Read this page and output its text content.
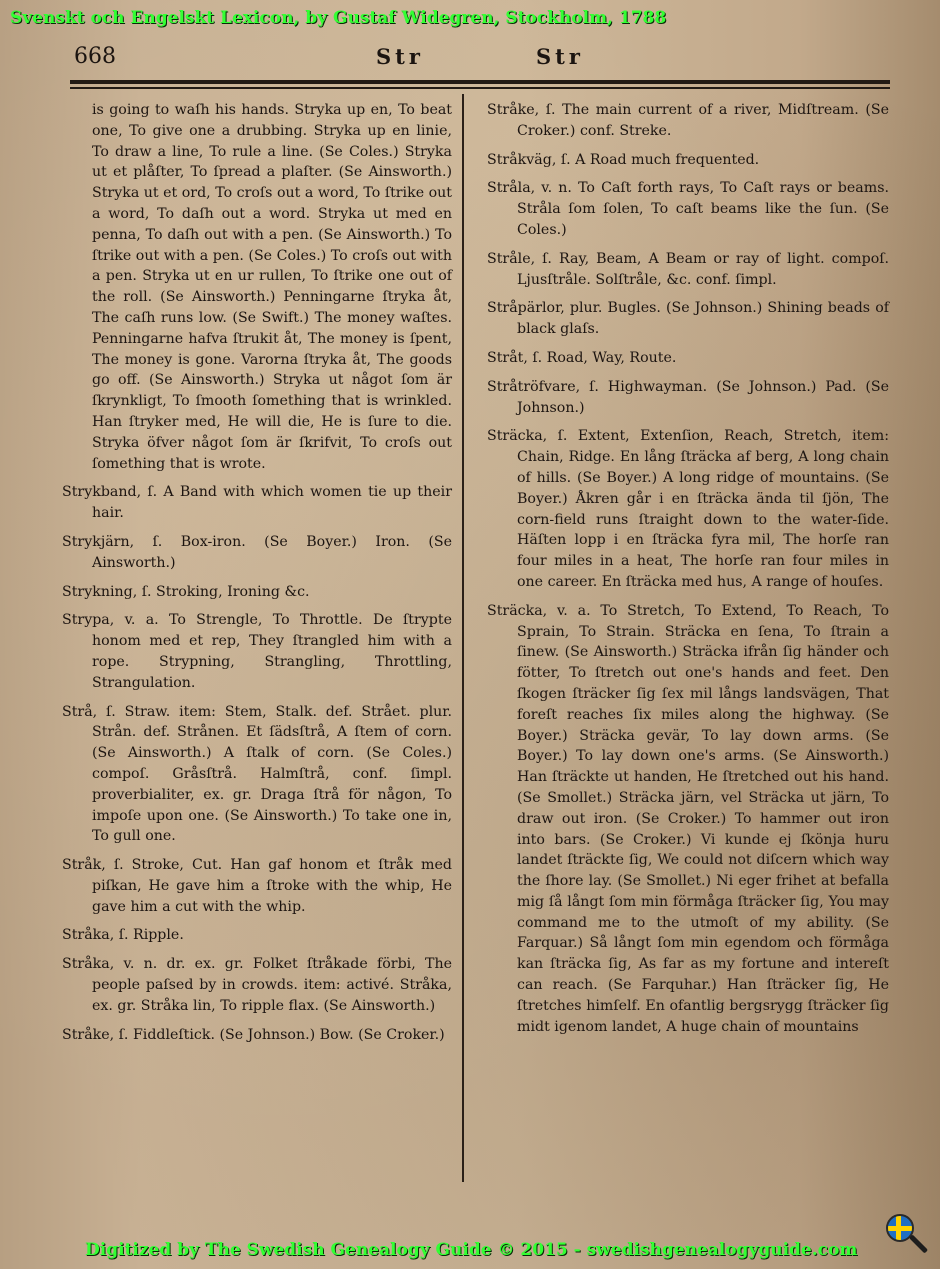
Svenskt och Engelskt Lexicon, by Gustaf Widegren, Stockholm, 1788
668	Str	Str

is going to waſh his hands. Stryka up en, To beat one, To give one a drubbing. Stryka up en linie, To draw a line, To rule a line. (Se Coles.) Stryka ut et plåſter, To ſpread a plaſter. (Se Ainsworth.) Stryka ut et ord, To croſs out a word, To ſtrike out a word, To daſh out a word. Stryka ut med en penna, To daſh out with a pen. (Se Ainsworth.) To ſtrike out with a pen. (Se Coles.) To croſs out with a pen. Stryka ut en ur rullen, To ſtrike one out of the roll. (Se Ainsworth.) Penningarne ſtryka åt, The caſh runs low. (Se Swift.) The money waſtes. Penningarne hafva ſtrukit åt, The money is ſpent, The money is gone. Varorna ſtryka åt, The goods go off. (Se Ainsworth.) Stryka ut något ſom är ſkrynkligt, To ſmooth ſomething that is wrinkled. Han ſtryker med, He will die, He is ſure to die. Stryka öfver något ſom är ſkrifvit, To croſs out ſomething that is wrote.

Strykband, ſ. A Band with which women tie up their hair.

Strykjärn, ſ. Box-iron. (Se Boyer.) Iron. (Se Ainsworth.)

Strykning, ſ. Stroking, Ironing &c.

Strypa, v. a. To Strengle, To Throttle. De ſtrypte honom med et rep, They ſtrangled him with a rope. Strypning, Strangling, Throttling, Strangulation.

Strå, ſ. Straw. item: Stem, Stalk. def. Strået. plur. Strån. def. Strånen. Et ſädsſtrå, A ſtem of corn. (Se Ainsworth.) A ſtalk of corn. (Se Coles.) compoſ. Gråsſtrå. Halmſtrå, conf. ſimpl. proverbialiter, ex. gr. Draga ſtrå för någon, To impoſe upon one. (Se Ainsworth.) To take one in, To gull one.

Stråk, ſ. Stroke, Cut. Han gaf honom et ſtråk med piſkan, He gave him a ſtroke with the whip, He gave him a cut with the whip.

Stråka, ſ. Ripple.

Stråka, v. n. dr. ex. gr. Folket ſtråkade förbi, The people paſsed by in crowds. item: activé. Stråka, ex. gr. Stråka lin, To ripple flax. (Se Ainsworth.)

Stråke, ſ. Fiddleſtick. (Se Johnson.) Bow. (Se Croker.)

Stråke, ſ. The main current of a river, Midſtream. (Se Croker.) conf. Streke.

Stråkväg, ſ. A Road much frequented.

Stråla, v. n. To Caſt forth rays, To Caſt rays or beams. Stråla ſom ſolen, To caſt beams like the ſun. (Se Coles.)

Stråle, ſ. Ray, Beam, A Beam or ray of light. compoſ. Ljusſtråle. Solſtråle, &c. conf. ſimpl.

Stråpärlor, plur. Bugles. (Se Johnson.) Shining beads of black glaſs.

Stråt, ſ. Road, Way, Route.

Stråtröfvare, ſ. Highwayman. (Se Johnson.) Pad. (Se Johnson.)

Sträcka, ſ. Extent, Extenſion, Reach, Stretch, item: Chain, Ridge. En lång ſträcka af berg, A long chain of hills. (Se Boyer.) A long ridge of mountains. (Se Boyer.) Åkren går i en ſträcka ända til ſjön, The corn-field runs ſtraight down to the water-ſide. Häſten lopp i en ſträcka fyra mil, The horſe ran four miles in a heat, The horſe ran four miles in one career. En ſträcka med hus, A range of houſes.

Sträcka, v. a. To Stretch, To Extend, To Reach, To Sprain, To Strain. Sträcka en ſena, To ſtrain a ſinew. (Se Ainsworth.) Sträcka ifrån ſig händer och fötter, To ſtretch out one's hands and feet. Den ſkogen ſträcker ſig ſex mil långs landsvägen, That foreſt reaches ſix miles along the highway. (Se Boyer.) Sträcka gevär, To lay down arms. (Se Boyer.) To lay down one's arms. (Se Ainsworth.) Han ſträckte ut handen, He ſtretched out his hand. (Se Smollet.) Sträcka järn, vel Sträcka ut järn, To draw out iron. (Se Croker.) To hammer out iron into bars. (Se Croker.) Vi kunde ej ſkönja huru landet ſträckte ſig, We could not diſcern which way the ſhore lay. (Se Smollet.) Ni eger frihet at befalla mig ſå långt ſom min förmåga ſträcker ſig, You may command me to the utmoſt of my ability. (Se Farquar.) Så långt ſom min egendom och förmåga kan ſträcka ſig, As far as my fortune and intereſt can reach. (Se Farquhar.) Han ſträcker ſig, He ſtretches himſelf. En ofantlig bergsrygg ſträcker ſig midt igenom landet, A huge chain of mountains

Digitized by The Swedish Genealogy Guide © 2015 - swedishgenealogyguide.com
